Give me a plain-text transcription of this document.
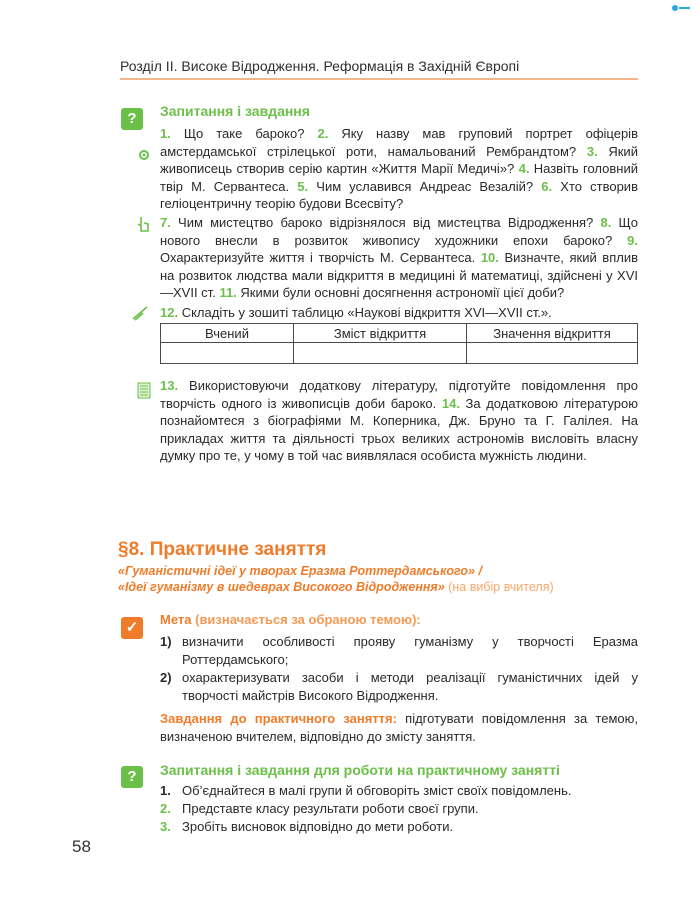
Розділ ІІ. Високе Відродження. Реформація в Західній Європі
?	Запитання і завдання
1. Що таке бароко? 2. Яку назву мав груповий портрет офіцерів амстердамської стрілецької роти, намальований Рембрандтом? 3. Який живописець створив серію картин «Життя Марії Медичі»? 4. Назвіть головний твір М. Сервантеса. 5. Чим уславився Андреас Везалій? 6. Хто створив геліоцентричну теорію будови Всесвіту?
7. Чим мистецтво бароко відрізнялося від мистецтва Відродження? 8. Що нового внесли в розвиток живопису художники епохи бароко? 9. Охарактеризуйте життя і творчість М. Сервантеса. 10. Визначте, який вплив на розвиток людства мали відкриття в медицині й математиці, здійснені у XVI—XVII ст. 11. Якими були основні досягнення астрономії цієї доби?
12. Складіть у зошиті таблицю «Наукові відкриття XVI—XVII ст.».
Вчений	Зміст відкриття	Значення відкриття

13. Використовуючи додаткову літературу, підготуйте повідомлення про творчість одного із живописців доби бароко. 14. За додатковою літературою познайомтеся з біографіями М. Коперника, Дж. Бруно та Г. Галілея. На прикладах життя та діяльності трьох великих астрономів висловіть власну думку про те, у чому в той час виявлялася особиста мужність людини.
§8. Практичне заняття
«Гуманістичні ідеї у творах Еразма Роттердамського» /
«Ідеї гуманізму в шедеврах Високого Відродження» (на вибір вчителя)
✓	Мета (визначається за обраною темою):
1) визначити особливості прояву гуманізму у творчості Еразма Роттердамського;
2) охарактеризувати засоби і методи реалізації гуманістичних ідей у творчості майстрів Високого Відродження.
Завдання до практичного заняття: підготувати повідомлення за темою, визначеною вчителем, відповідно до змісту заняття.
?	Запитання і завдання для роботи на практичному занятті
1. Об’єднайтеся в малі групи й обговоріть зміст своїх повідомлень.
2. Представте класу результати роботи своєї групи.
3. Зробіть висновок відповідно до мети роботи.
58
